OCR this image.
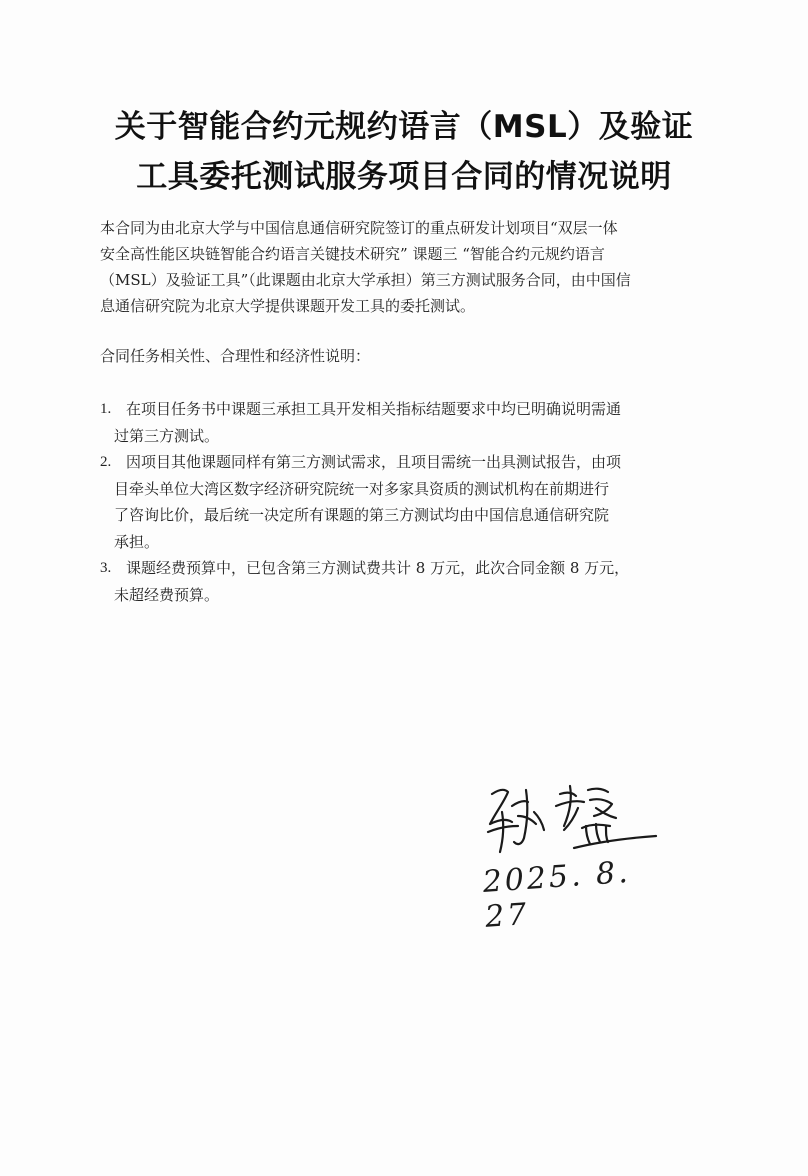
关于智能合约元规约语言（MSL）及验证
工具委托测试服务项目合同的情况说明
本合同为由北京大学与中国信息通信研究院签订的重点研发计划项目“双层一体
安全高性能区块链智能合约语言关键技术研究” 课题三 “智能合约元规约语言
（MSL）及验证工具”（此课题由北京大学承担）第三方测试服务合同，由中国信
息通信研究院为北京大学提供课题开发工具的委托测试。
合同任务相关性、合理性和经济性说明：
1. 在项目任务书中课题三承担工具开发相关指标结题要求中均已明确说明需通
过第三方测试。
2. 因项目其他课题同样有第三方测试需求，且项目需统一出具测试报告，由项
目牵头单位大湾区数字经济研究院统一对多家具资质的测试机构在前期进行
了咨询比价，最后统一决定所有课题的第三方测试均由中国信息通信研究院
承担。
3. 课题经费预算中，已包含第三方测试费共计 8 万元，此次合同金额 8 万元，
未超经费预算。
2025. 8. 27
